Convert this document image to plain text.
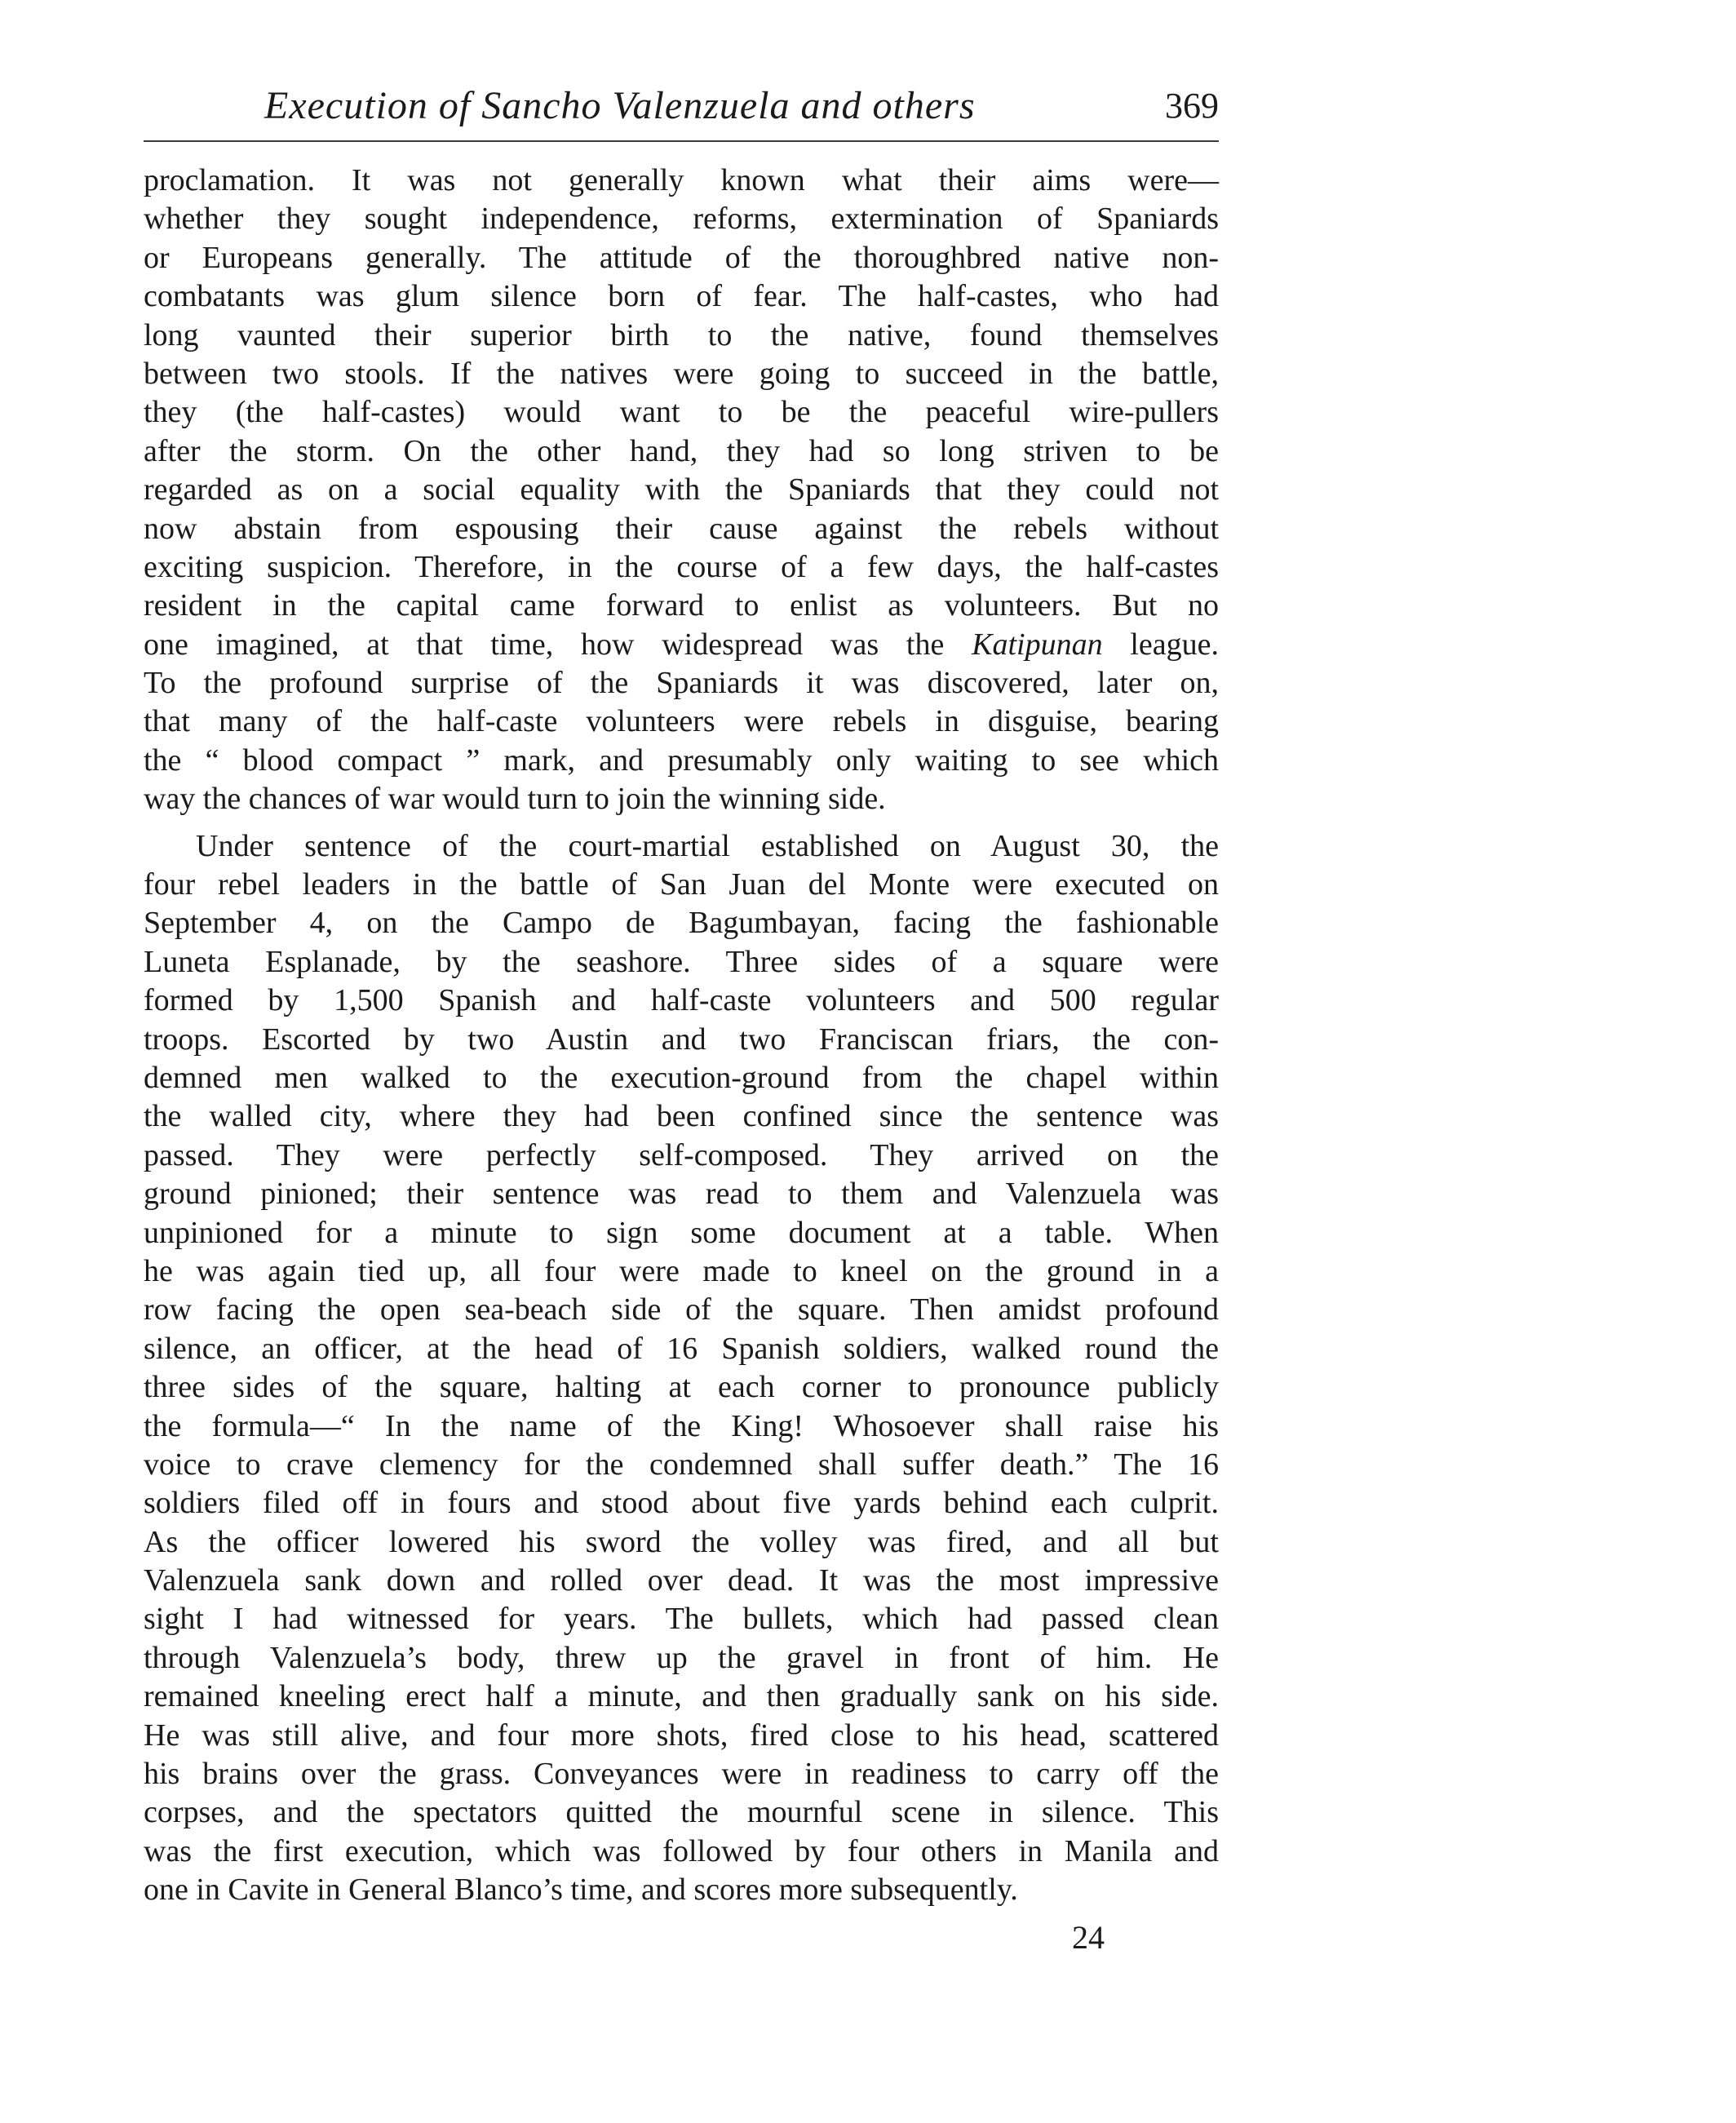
Execution of Sancho Valenzuela and others	369
proclamation. It was not generally known what their aims were—
whether they sought independence, reforms, extermination of Spaniards
or Europeans generally. The attitude of the thoroughbred native non-
combatants was glum silence born of fear. The half-castes, who had
long vaunted their superior birth to the native, found themselves
between two stools. If the natives were going to succeed in the battle,
they (the half-castes) would want to be the peaceful wire-pullers
after the storm. On the other hand, they had so long striven to be
regarded as on a social equality with the Spaniards that they could not
now abstain from espousing their cause against the rebels without
exciting suspicion. Therefore, in the course of a few days, the half-castes
resident in the capital came forward to enlist as volunteers. But no
one imagined, at that time, how widespread was the Katipunan league.
To the profound surprise of the Spaniards it was discovered, later on,
that many of the half-caste volunteers were rebels in disguise, bearing
the “ blood compact ” mark, and presumably only waiting to see which
way the chances of war would turn to join the winning side.
Under sentence of the court-martial established on August 30, the
four rebel leaders in the battle of San Juan del Monte were executed on
September 4, on the Campo de Bagumbayan, facing the fashionable
Luneta Esplanade, by the seashore. Three sides of a square were
formed by 1,500 Spanish and half-caste volunteers and 500 regular
troops. Escorted by two Austin and two Franciscan friars, the con-
demned men walked to the execution-ground from the chapel within
the walled city, where they had been confined since the sentence was
passed. They were perfectly self-composed. They arrived on the
ground pinioned; their sentence was read to them and Valenzuela was
unpinioned for a minute to sign some document at a table. When
he was again tied up, all four were made to kneel on the ground in a
row facing the open sea-beach side of the square. Then amidst profound
silence, an officer, at the head of 16 Spanish soldiers, walked round the
three sides of the square, halting at each corner to pronounce publicly
the formula—“ In the name of the King! Whosoever shall raise his
voice to crave clemency for the condemned shall suffer death.” The 16
soldiers filed off in fours and stood about five yards behind each culprit.
As the officer lowered his sword the volley was fired, and all but
Valenzuela sank down and rolled over dead. It was the most impressive
sight I had witnessed for years. The bullets, which had passed clean
through Valenzuela’s body, threw up the gravel in front of him. He
remained kneeling erect half a minute, and then gradually sank on his side.
He was still alive, and four more shots, fired close to his head, scattered
his brains over the grass. Conveyances were in readiness to carry off the
corpses, and the spectators quitted the mournful scene in silence. This
was the first execution, which was followed by four others in Manila and
one in Cavite in General Blanco’s time, and scores more subsequently.
24
